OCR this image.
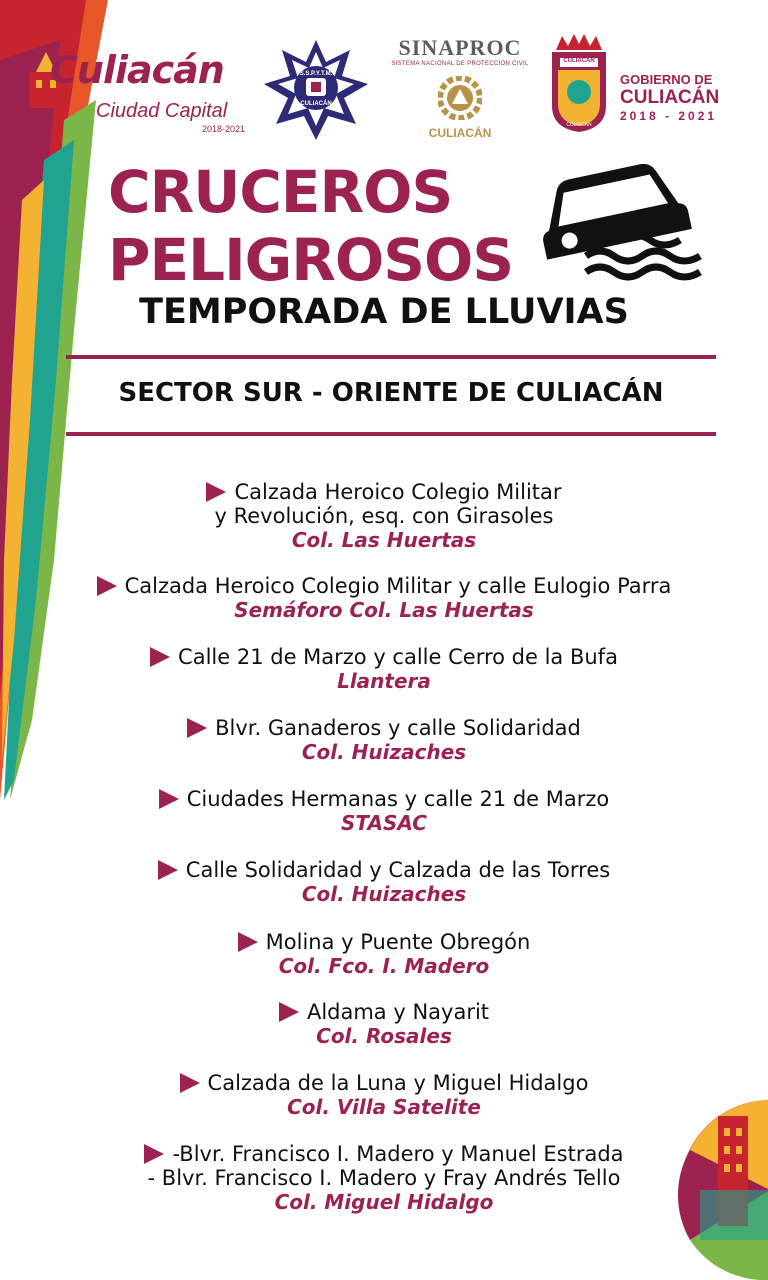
Culiacán
Ciudad Capital
2018-2021
S.S.P.Y.T.M.
CULIACÁN
SINAPROC
SISTEMA NACIONAL DE PROTECCIÓN CIVIL
CULIACÁN
CULIACÁN
CULIACÁN
GOBIERNO DE
CULIACÁN
2018 - 2021
CRUCEROS
PELIGROSOS
TEMPORADA DE LLUVIAS
SECTOR SUR - ORIENTE DE CULIACÁN
Calzada Heroico Colegio Militar
y Revolución, esq. con Girasoles
Col. Las Huertas
Calzada Heroico Colegio Militar y calle Eulogio Parra
Semáforo Col. Las Huertas
Calle 21 de Marzo y calle Cerro de la Bufa
Llantera
Blvr. Ganaderos y calle Solidaridad
Col. Huizaches
Ciudades Hermanas y calle 21 de Marzo
STASAC
Calle Solidaridad y Calzada de las Torres
Col. Huizaches
Molina y Puente Obregón
Col. Fco. I. Madero
Aldama y Nayarit
Col. Rosales
Calzada de la Luna y Miguel Hidalgo
Col. Villa Satelite
-Blvr. Francisco I. Madero y Manuel Estrada
- Blvr. Francisco I. Madero y Fray Andrés Tello
Col. Miguel Hidalgo
